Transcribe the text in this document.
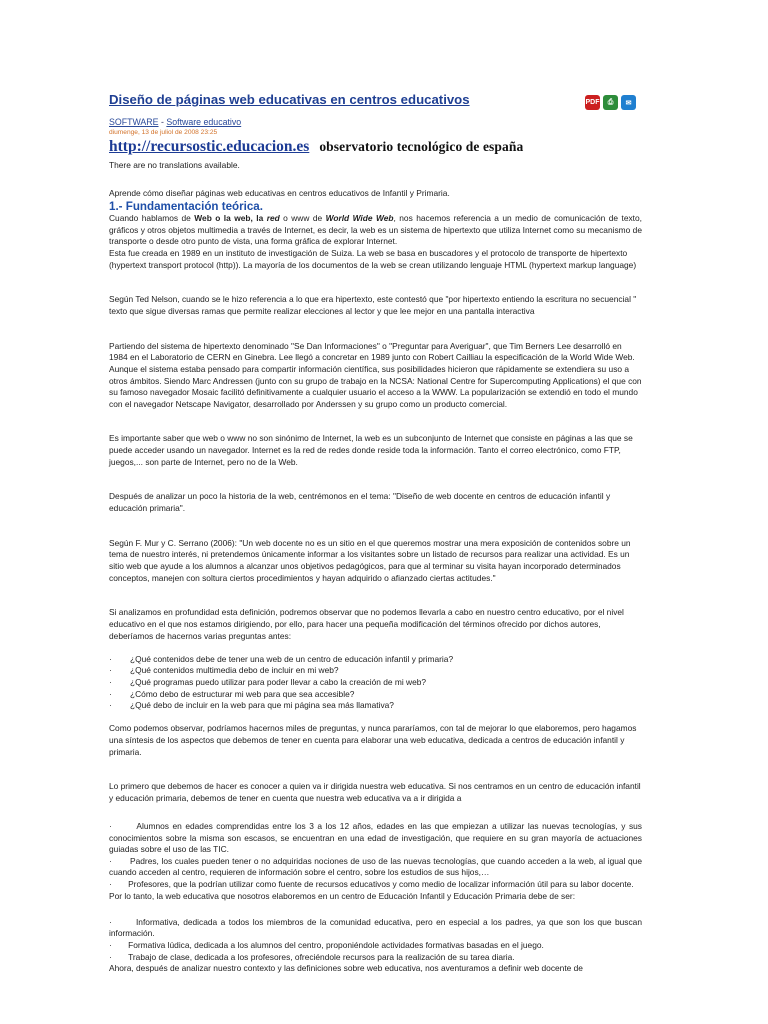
PDF	⎙	✉
Diseño de páginas web educativas en centros educativos
SOFTWARE - Software educativo
diumenge, 13 de juliol de 2008 23:25
http://recursostic.educacion.es observatorio tecnológico de españa
There are no translations available.

Aprende cómo diseñar páginas web educativas en centros educativos de Infantil y Primaria.

1.- Fundamentación teórica.

Cuando hablamos de Web o la web, la red o www de World Wide Web, nos hacemos referencia a un medio de comunicación de texto, gráficos y otros objetos multimedia a través de Internet, es decir, la web es un sistema de hipertexto que utiliza Internet como su mecanismo de transporte o desde otro punto de vista, una forma gráfica de explorar Internet.

Esta fue creada en 1989 en un instituto de investigación de Suiza. La web se basa en buscadores y el protocolo de transporte de hipertexto (hypertext transport protocol (http)). La mayoría de los documentos de la web se crean utilizando lenguaje HTML (hypertext markup language)

Según Ted Nelson, cuando se le hizo referencia a lo que era hipertexto, este contestó que "por hipertexto entiendo la escritura no secuencial " texto que sigue diversas ramas que permite realizar elecciones al lector y que lee mejor en una pantalla interactiva

Partiendo del sistema de hipertexto denominado "Se Dan Informaciones" o "Preguntar para Averiguar", que Tim Berners Lee desarrolló en 1984 en el Laboratorio de CERN en Ginebra. Lee llegó a concretar en 1989 junto con Robert Cailliau la especificación de la World Wide Web. Aunque el sistema estaba pensado para compartir información científica, sus posibilidades hicieron que rápidamente se extendiera su uso a otros ámbitos. Siendo Marc Andressen (junto con su grupo de trabajo en la NCSA: National Centre for Supercomputing Applications) el que con su famoso navegador Mosaic facilitó definitivamente a cualquier usuario el acceso a la WWW. La popularización se extendió en todo el mundo con el navegador Netscape Navigator, desarrollado por Anderssen y su grupo como un producto comercial.

Es importante saber que web o www no son sinónimo de Internet, la web es un subconjunto de Internet que consiste en páginas a las que se puede acceder usando un navegador. Internet es la red de redes donde reside toda la información. Tanto el correo electrónico, como FTP, juegos,... son parte de Internet, pero no de la Web.

Después de analizar un poco la historia de la web, centrémonos en el tema: "Diseño de web docente en centros de educación infantil y educación primaria".

Según F. Mur y C. Serrano (2006): "Un web docente no es un sitio en el que queremos mostrar una mera exposición de contenidos sobre un tema de nuestro interés, ni pretendemos únicamente informar a los visitantes sobre un listado de recursos para realizar una actividad. Es un sitio web que ayude a los alumnos a alcanzar unos objetivos pedagógicos, para que al terminar su visita hayan incorporado determinados conceptos, manejen con soltura ciertos procedimientos y hayan adquirido o afianzado ciertas actitudes."

Si analizamos en profundidad esta definición, podremos observar que no podemos llevarla a cabo en nuestro centro educativo, por el nivel educativo en el que nos estamos dirigiendo, por ello, para hacer una pequeña modificación del términos ofrecido por dichos autores, deberíamos de hacernos varias preguntas antes:

·	¿Qué contenidos debe de tener una web de un centro de educación infantil y primaria?
·	¿Qué contenidos multimedia debo de incluir en mi web?
·	¿Qué programas puedo utilizar para poder llevar a cabo la creación de mi web?
·	¿Cómo debo de estructurar mi web para que sea accesible?
·	¿Qué debo de incluir en la web para que mi página sea más llamativa?

Como podemos observar, podríamos hacernos miles de preguntas, y nunca pararíamos, con tal de mejorar lo que elaboremos, pero hagamos una síntesis de los aspectos que debemos de tener en cuenta para elaborar una web educativa, dedicada a centros de educación infantil y primaria.

Lo primero que debemos de hacer es conocer a quien va ir dirigida nuestra web educativa. Si nos centramos en un centro de educación infantil y educación primaria, debemos de tener en cuenta que nuestra web educativa va a ir dirigida a

·	Alumnos en edades comprendidas entre los 3 a los 12 años, edades en las que empiezan a utilizar las nuevas tecnologías, y sus conocimientos sobre la misma son escasos, se encuentran en una edad de investigación, que requiere en su gran mayoría de actuaciones guiadas sobre el uso de las TIC.

· Padres, los cuales pueden tener o no adquiridas nociones de uso de las nuevas tecnologías, que cuando acceden a la web, al igual que cuando acceden al centro, requieren de información sobre el centro, sobre los estudios de sus hijos,…

· Profesores, que la podrían utilizar como fuente de recursos educativos y como medio de localizar información útil para su labor docente.

Por lo tanto, la web educativa que nosotros elaboremos en un centro de Educación Infantil y Educación Primaria debe de ser:

·	Informativa, dedicada a todos los miembros de la comunidad educativa, pero en especial a los padres, ya que son los que buscan información.

· Formativa lúdica, dedicada a los alumnos del centro, proponiéndole actividades formativas basadas en el juego.

· Trabajo de clase, dedicada a los profesores, ofreciéndole recursos para la realización de su tarea diaria.

Ahora, después de analizar nuestro contexto y las definiciones sobre web educativa, nos aventuramos a definir web docente de
